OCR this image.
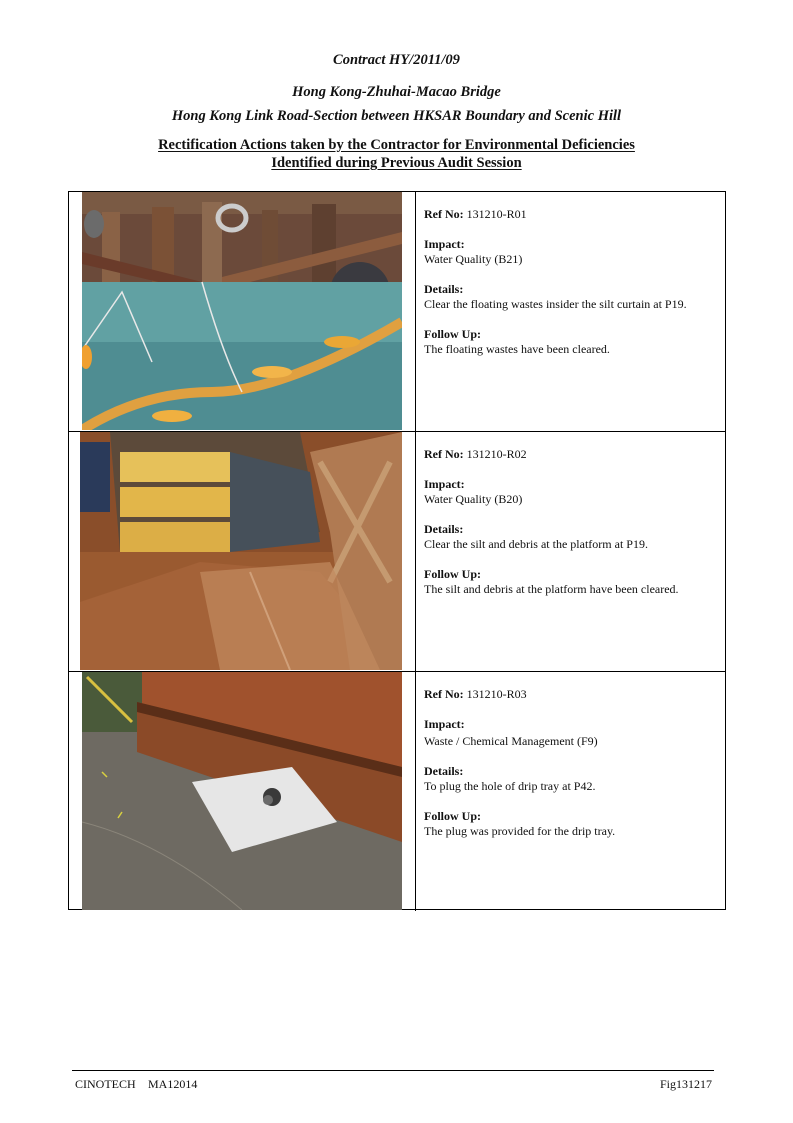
Contract HY/2011/09
Hong Kong-Zhuhai-Macao Bridge
Hong Kong Link Road-Section between HKSAR Boundary and Scenic Hill
Rectification Actions taken by the Contractor for Environmental Deficiencies
Identified during Previous Audit Session
Ref No: 131210-R01
Impact:
Water Quality (B21)
Details:
Clear the floating wastes insider the silt curtain at P19.
Follow Up:
The floating wastes have been cleared.
Ref No: 131210-R02
Impact:
Water Quality (B20)
Details:
Clear the silt and debris at the platform at P19.
Follow Up:
The silt and debris at the platform have been cleared.
Ref No: 131210-R03
Impact:
Waste / Chemical Management (F9)
Details:
To plug the hole of drip tray at P42.
Follow Up:
The plug was provided for the drip tray.
CINOTECH MA12014	Fig131217
